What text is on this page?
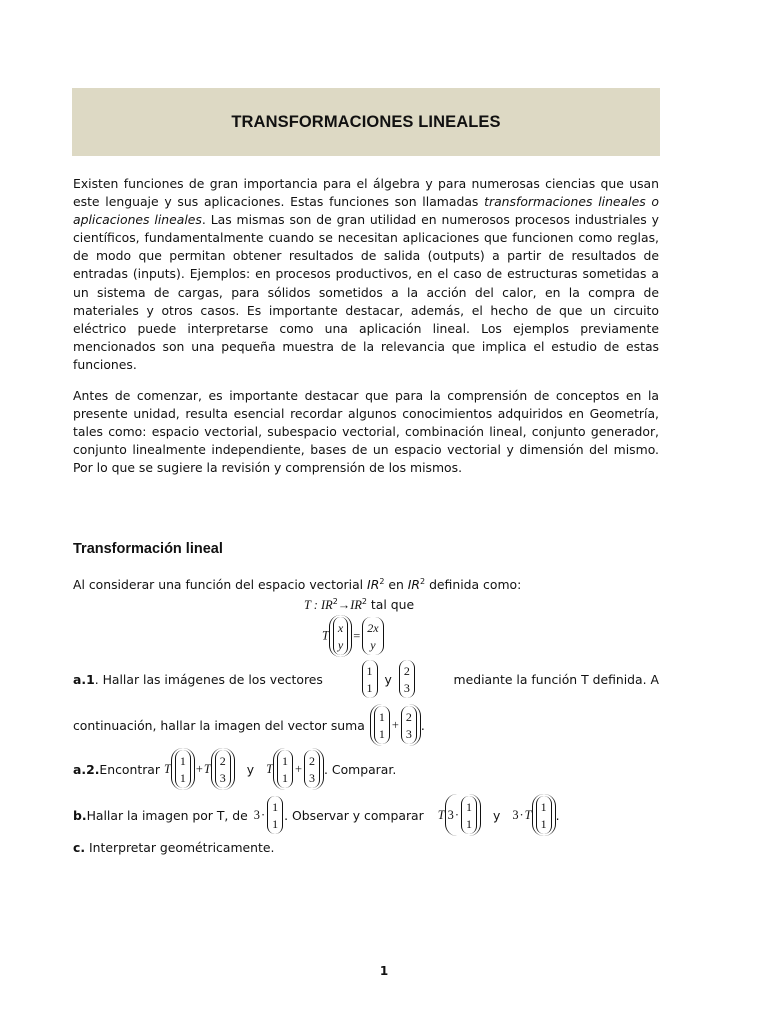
TRANSFORMACIONES LINEALES

Existen funciones de gran importancia para el álgebra y para numerosas ciencias que usan este lenguaje y sus aplicaciones. Estas funciones son llamadas transformaciones lineales o aplicaciones lineales. Las mismas son de gran utilidad en numerosos procesos industriales y científicos, fundamentalmente cuando se necesitan aplicaciones que funcionen como reglas, de modo que permitan obtener resultados de salida (outputs) a partir de resultados de entradas (inputs). Ejemplos: en procesos productivos, en el caso de estructuras sometidas a un sistema de cargas, para sólidos sometidos a la acción del calor, en la compra de materiales y otros casos. Es importante destacar, además, el hecho de que un circuito eléctrico puede interpretarse como una aplicación lineal. Los ejemplos previamente mencionados son una pequeña muestra de la relevancia que implica el estudio de estas funciones.

Antes de comenzar, es importante destacar que para la comprensión de conceptos en la presente unidad, resulta esencial recordar algunos conocimientos adquiridos en Geometría, tales como: espacio vectorial, subespacio vectorial, combinación lineal, conjunto generador, conjunto linealmente independiente, bases de un espacio vectorial y dimensión del mismo. Por lo que se sugiere la revisión y comprensión de los mismos.

Transformación lineal
Al considerar una función del espacio vectorial $IR^2$ en $IR^2$ definida como:
T : $IR^2\to IR^2$ tal que
T
x
y
=
2x
y
a.1. Hallar las imágenes de los vectores
1
1
y
2
3
mediante la función T definida. A
continuación, hallar la imagen del vector suma
1
1
+
2
3
.
a.2. Encontrar T
1
1
+ T
2
3
y T
1
1
+
2
3
. Comparar.
b. Hallar la imagen por T, de 3 ·
1
1
. Observar y comparar T 3 ·
1
1
y 3 · T
1
1
.
c. Interpretar geométricamente.
1
